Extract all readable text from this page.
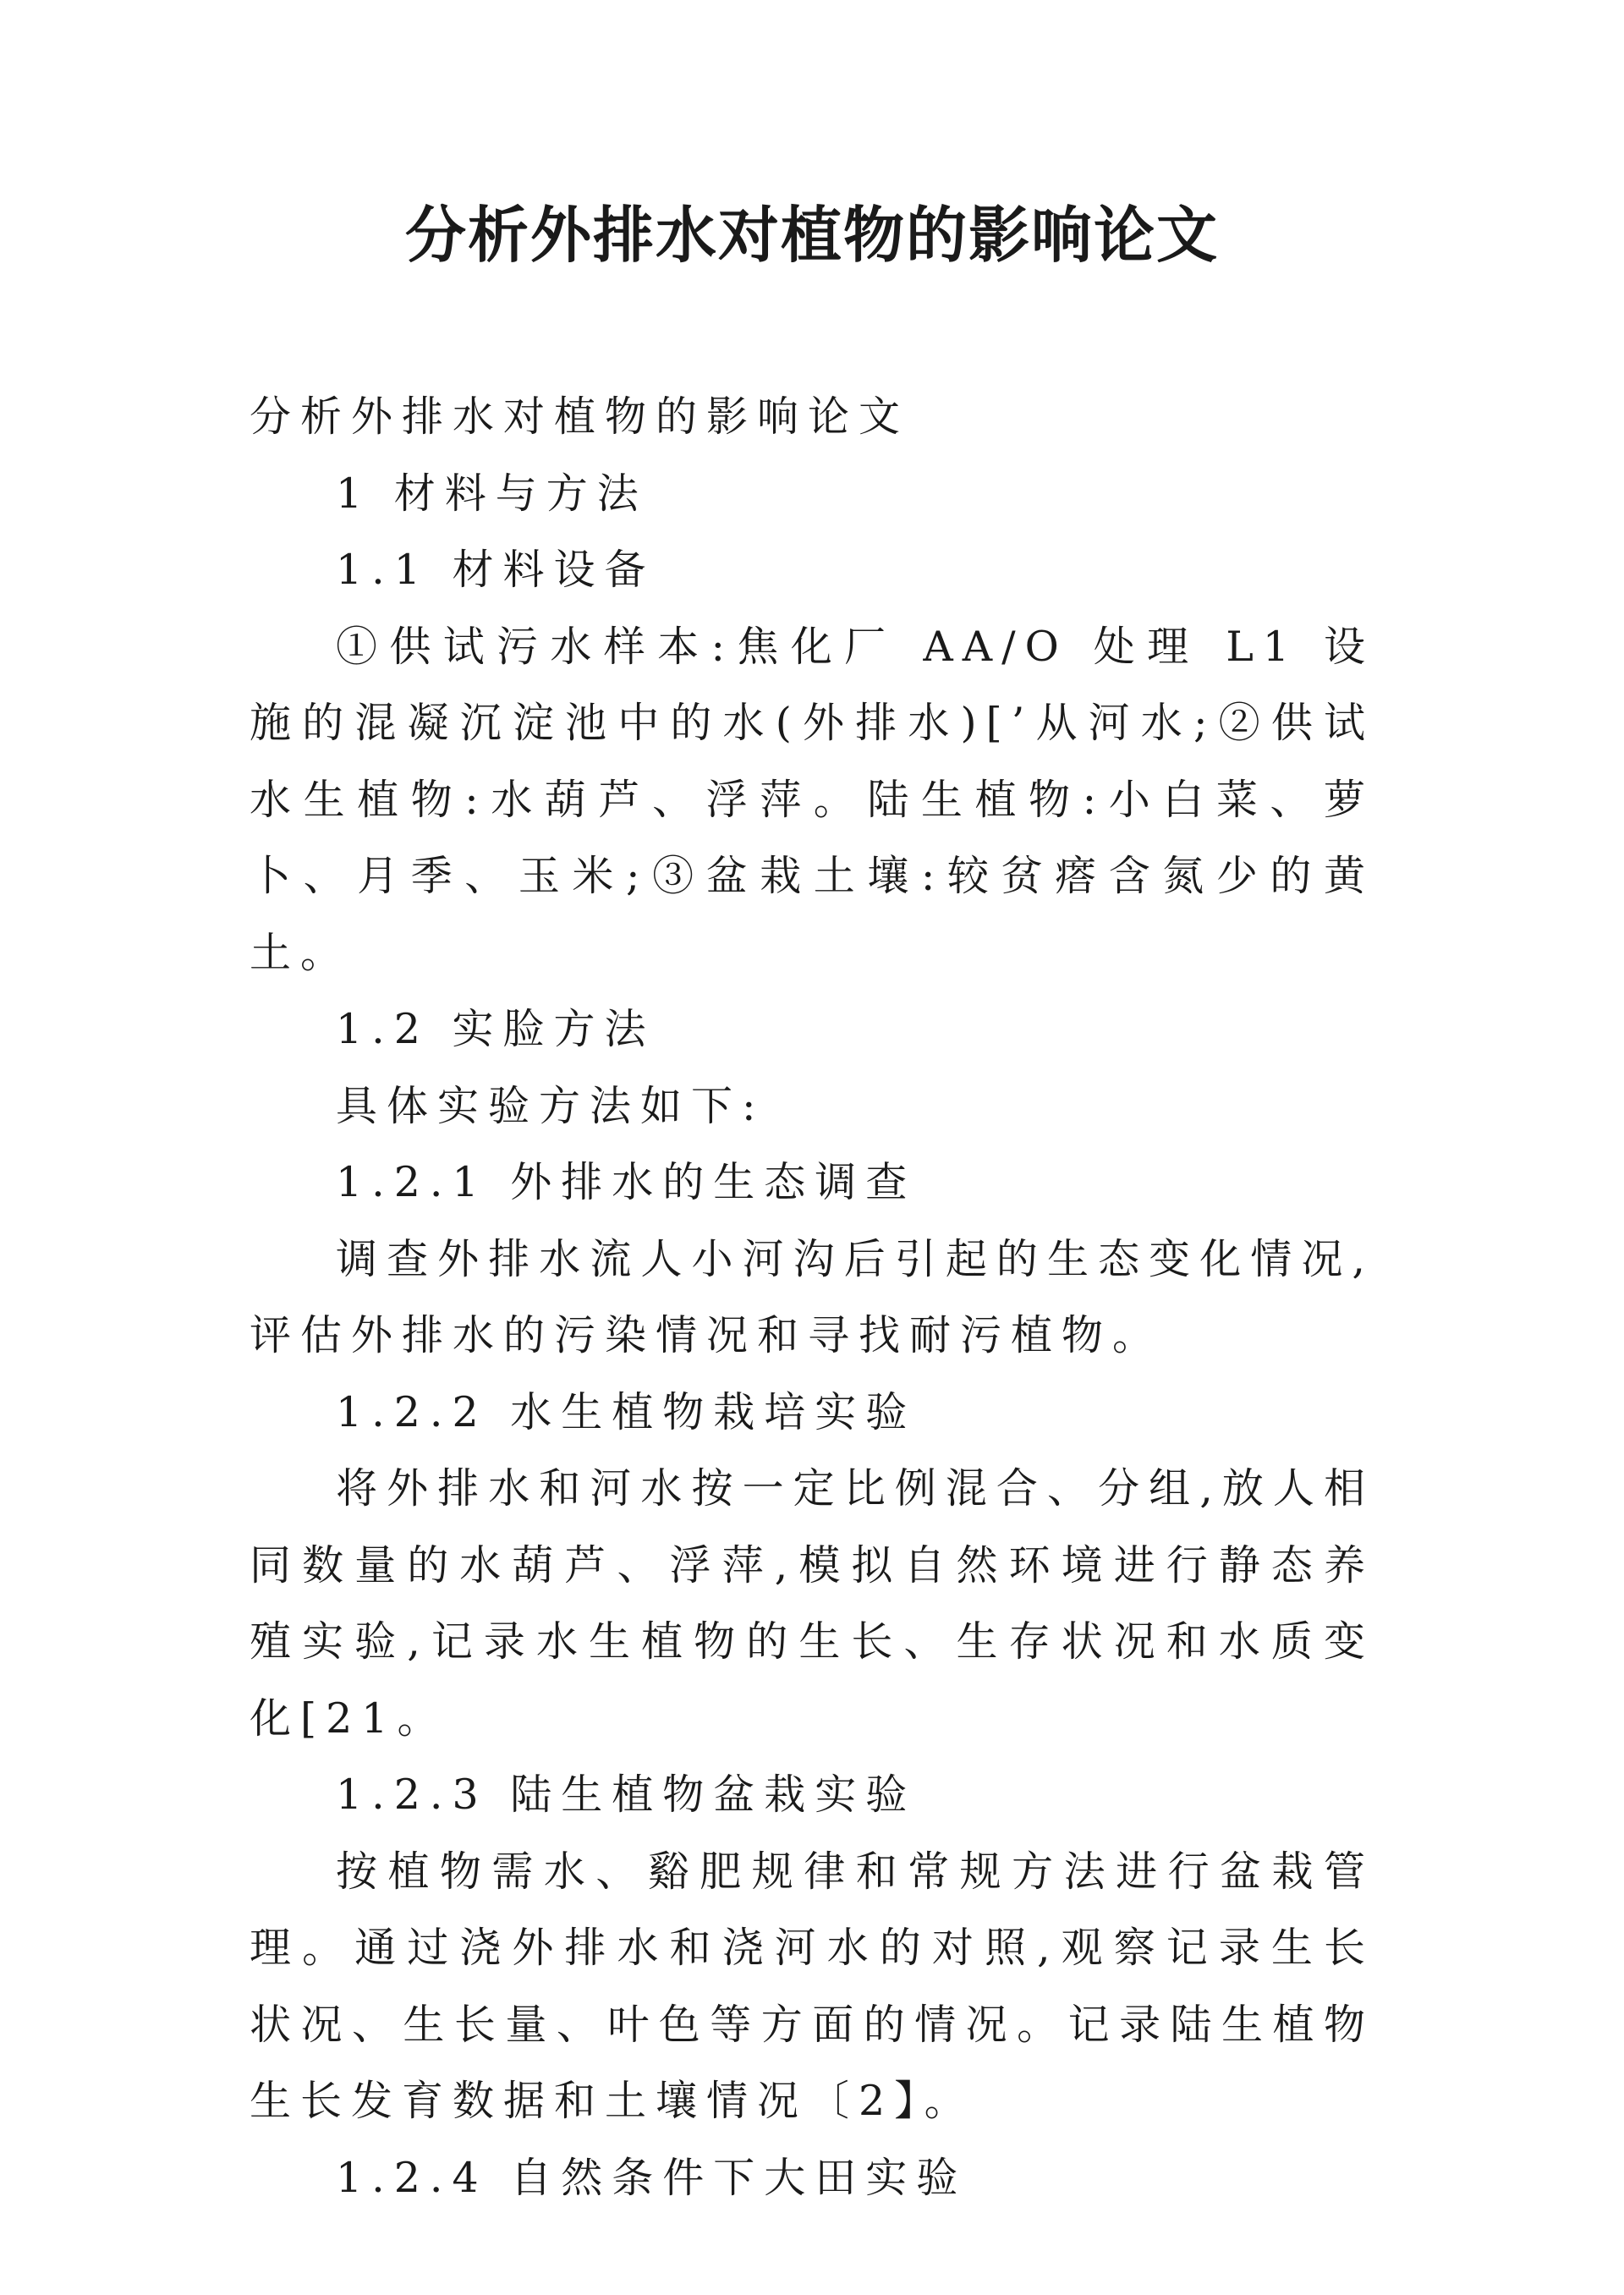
分析外排水对植物的影响论文

分析外排水对植物的影响论文

1 材料与方法

1.1 材料设备

①供试污水样本:焦化厂 AA/O 处理 L1 设施的混凝沉淀池中的水(外排水)[’从河水;②供试水生植物:水葫芦、浮萍。陆生植物:小白菜、萝卜、月季、玉米;③盆栽土壤:较贫瘩含氮少的黄土。

1.2 实脸方法

具体实验方法如下:

1.2.1 外排水的生态调查

调查外排水流人小河沟后引起的生态变化情况,评估外排水的污染情况和寻找耐污植物。

1.2.2 水生植物栽培实验

将外排水和河水按一定比例混合、分组,放人相同数量的水葫芦、浮萍,模拟自然环境进行静态养殖实验,记录水生植物的生长、生存状况和水质变化[21。

1.2.3 陆生植物盆栽实验

按植物需水、谿肥规律和常规方法进行盆栽管理。通过浇外排水和浇河水的对照,观察记录生长状况、生长量、叶色等方面的情况。记录陆生植物生长发育数据和土壤情况〔2】。

1.2.4 自然条件下大田实验
